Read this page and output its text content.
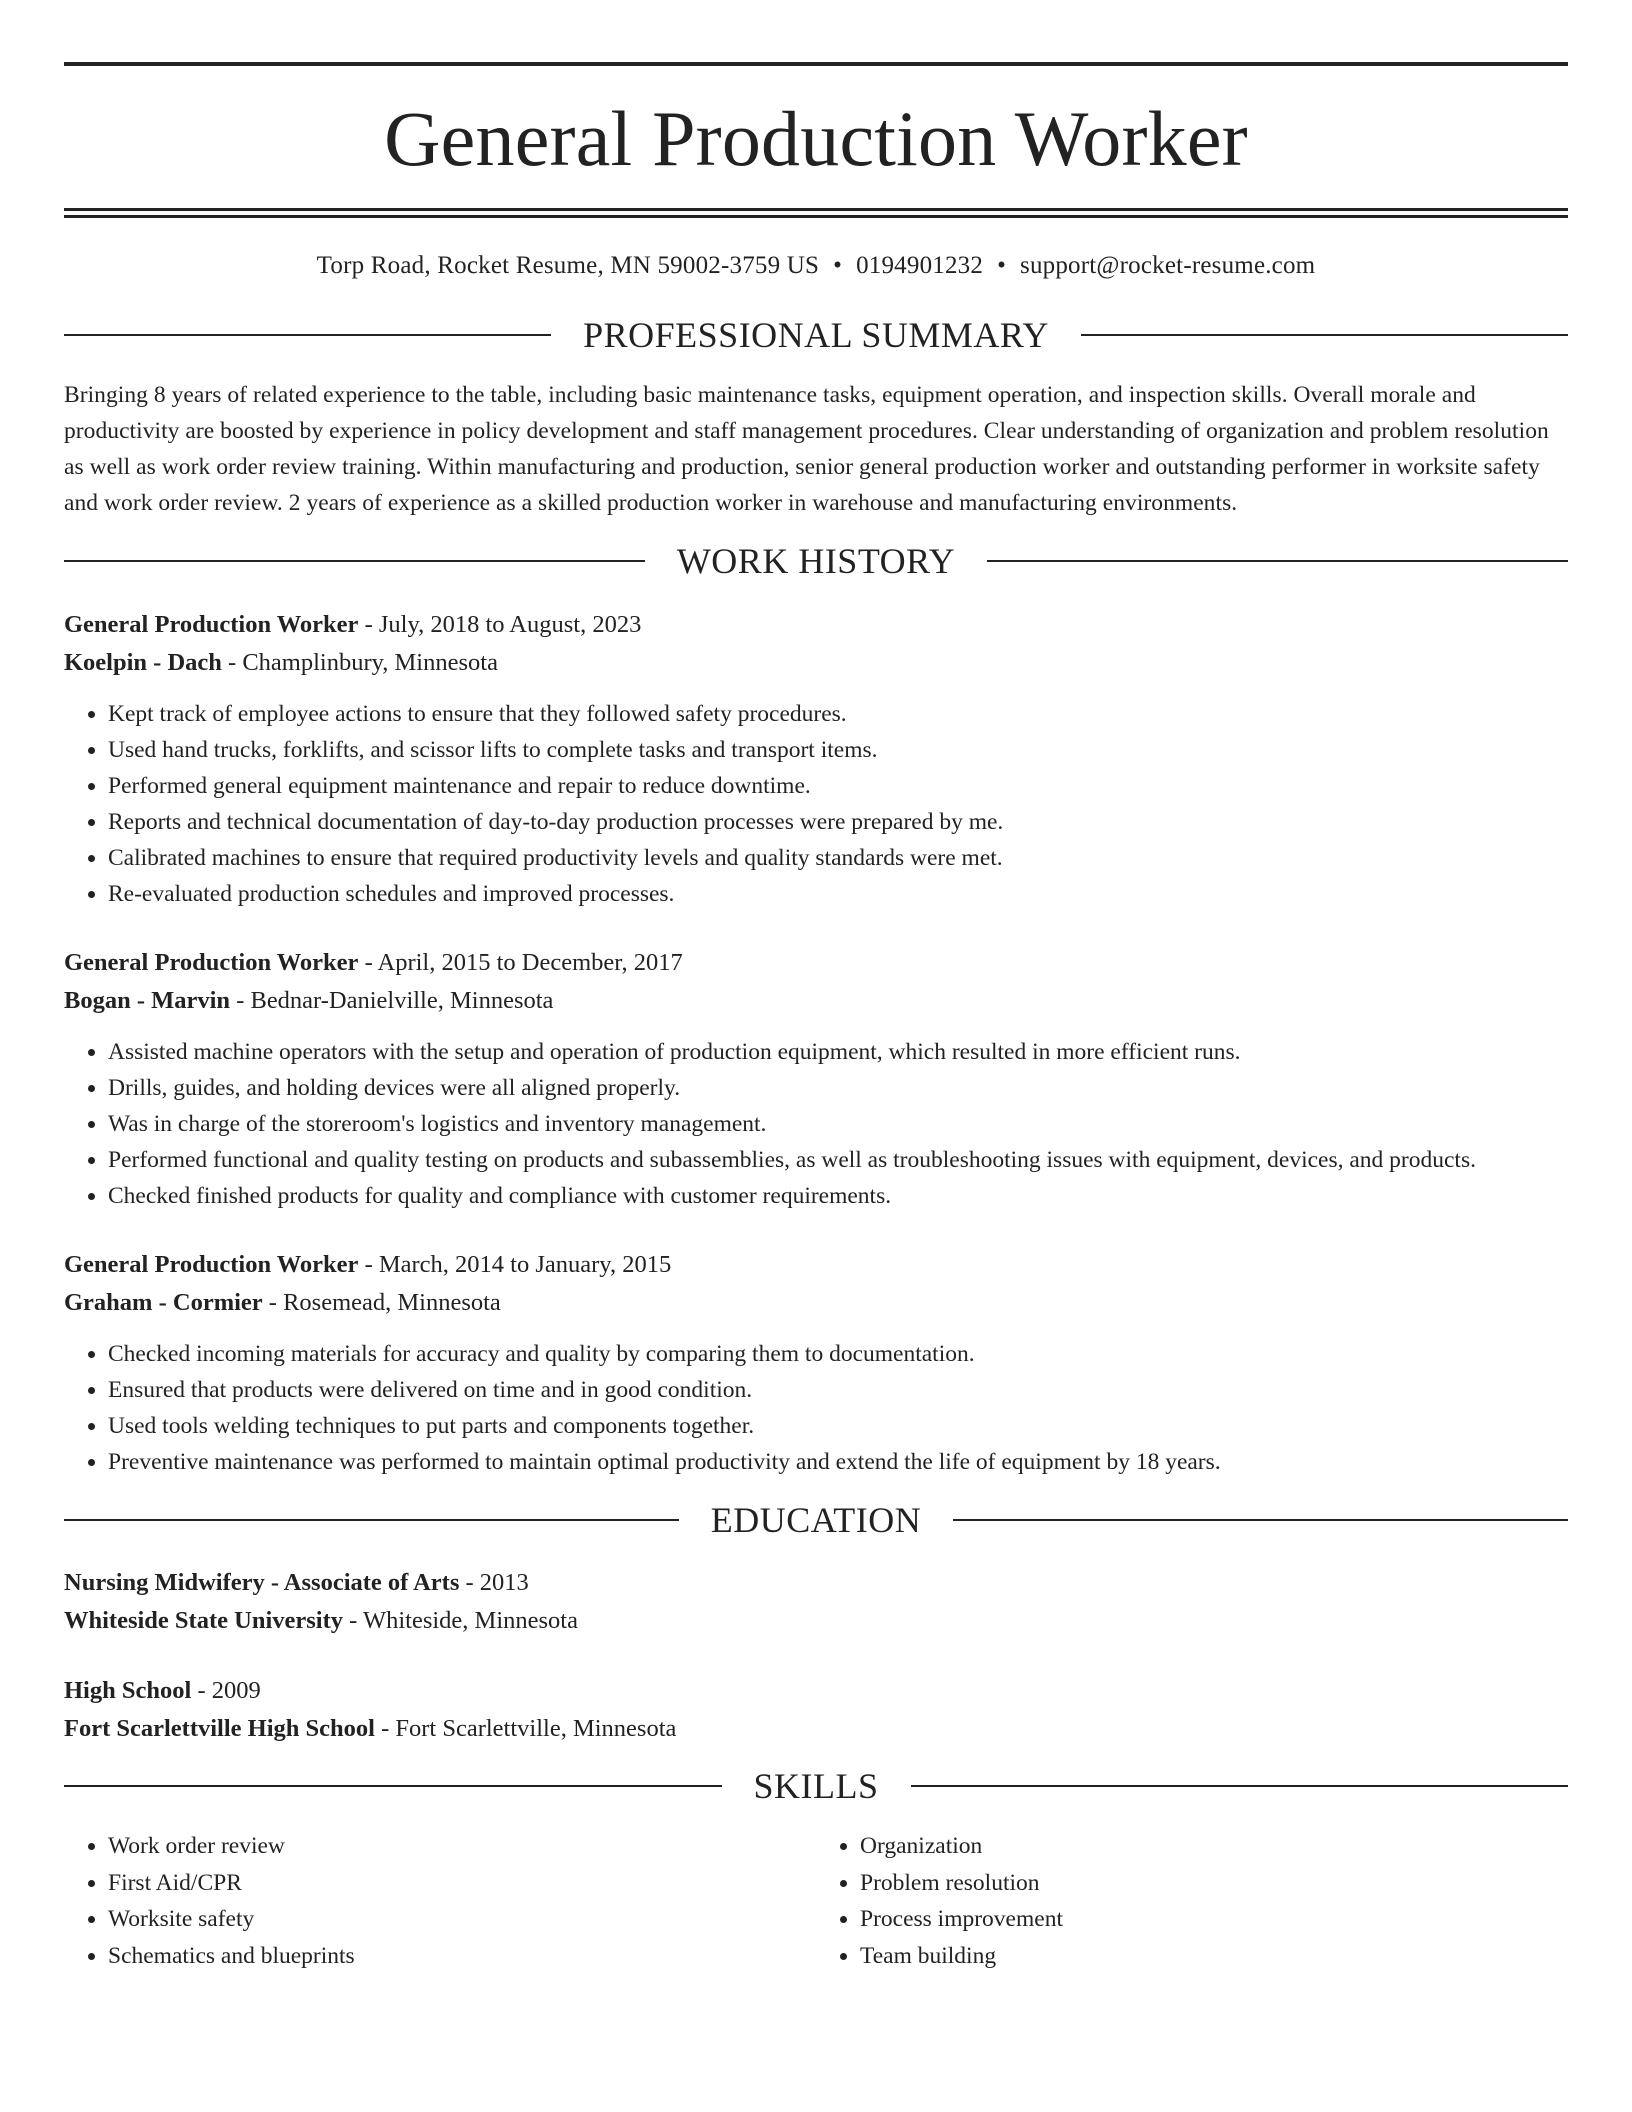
General Production Worker
Torp Road, Rocket Resume, MN 59002-3759 US • 0194901232 • support@rocket-resume.com
PROFESSIONAL SUMMARY
Bringing 8 years of related experience to the table, including basic maintenance tasks, equipment operation, and inspection skills. Overall morale and productivity are boosted by experience in policy development and staff management procedures. Clear understanding of organization and problem resolution as well as work order review training. Within manufacturing and production, senior general production worker and outstanding performer in worksite safety and work order review. 2 years of experience as a skilled production worker in warehouse and manufacturing environments.
WORK HISTORY
General Production Worker - July, 2018 to August, 2023
Koelpin - Dach - Champlinbury, Minnesota
• Kept track of employee actions to ensure that they followed safety procedures.
• Used hand trucks, forklifts, and scissor lifts to complete tasks and transport items.
• Performed general equipment maintenance and repair to reduce downtime.
• Reports and technical documentation of day-to-day production processes were prepared by me.
• Calibrated machines to ensure that required productivity levels and quality standards were met.
• Re-evaluated production schedules and improved processes.
General Production Worker - April, 2015 to December, 2017
Bogan - Marvin - Bednar-Danielville, Minnesota
• Assisted machine operators with the setup and operation of production equipment, which resulted in more efficient runs.
• Drills, guides, and holding devices were all aligned properly.
• Was in charge of the storeroom's logistics and inventory management.
• Performed functional and quality testing on products and subassemblies, as well as troubleshooting issues with equipment, devices, and products.
• Checked finished products for quality and compliance with customer requirements.
General Production Worker - March, 2014 to January, 2015
Graham - Cormier - Rosemead, Minnesota
• Checked incoming materials for accuracy and quality by comparing them to documentation.
• Ensured that products were delivered on time and in good condition.
• Used tools welding techniques to put parts and components together.
• Preventive maintenance was performed to maintain optimal productivity and extend the life of equipment by 18 years.
EDUCATION
Nursing Midwifery - Associate of Arts - 2013
Whiteside State University - Whiteside, Minnesota
High School - 2009
Fort Scarlettville High School - Fort Scarlettville, Minnesota
SKILLS
• Work order review
• First Aid/CPR
• Worksite safety
• Schematics and blueprints
• Organization
• Problem resolution
• Process improvement
• Team building
